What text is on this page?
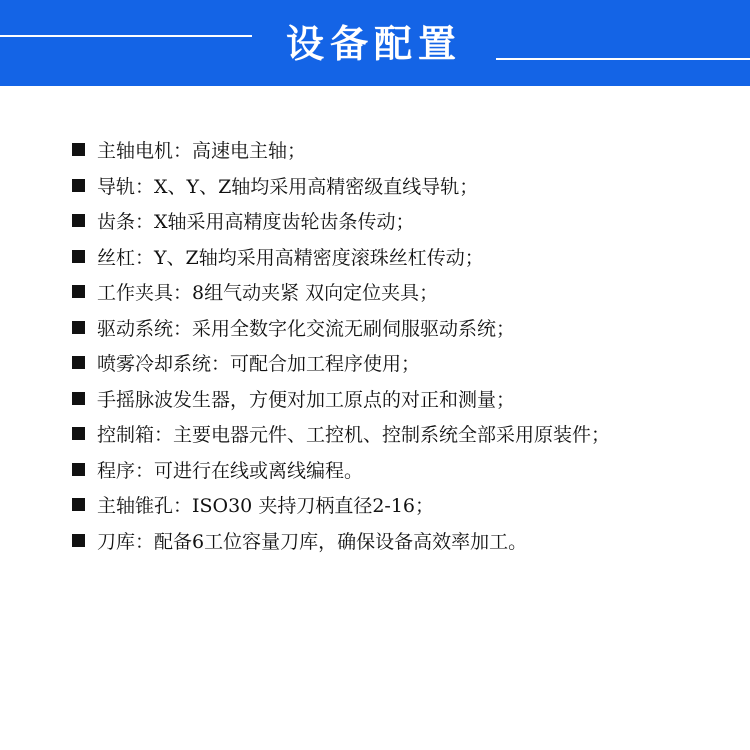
设备配置
主轴电机：高速电主轴；
导轨：X、Y、Z轴均采用高精密级直线导轨；
齿条：X轴采用高精度齿轮齿条传动；
丝杠：Y、Z轴均采用高精密度滚珠丝杠传动；
工作夹具：8组气动夹紧 双向定位夹具；
驱动系统：采用全数字化交流无刷伺服驱动系统；
喷雾冷却系统：可配合加工程序使用；
手摇脉波发生器，方便对加工原点的对正和测量；
控制箱：主要电器元件、工控机、控制系统全部采用原装件；
程序：可进行在线或离线编程。
主轴锥孔：ISO30 夹持刀柄直径2-16；
刀库：配备6工位容量刀库，确保设备高效率加工。
